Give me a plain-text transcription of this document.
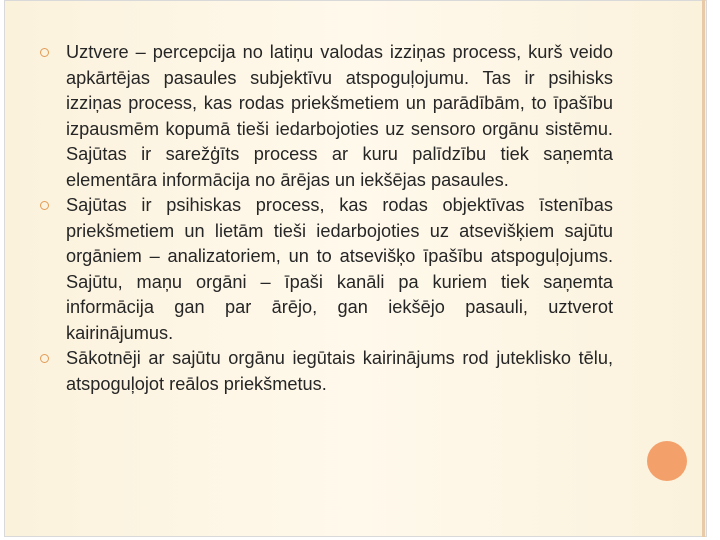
Uztvere – percepcija no latiņu valodas izziņas process, kurš veido apkārtējas pasaules subjektīvu atspoguļojumu. Tas ir psihisks izziņas process, kas rodas priekšmetiem un parādībām, to īpašību izpausmēm kopumā tieši iedarbojoties uz sensoro orgānu sistēmu. Sajūtas ir sarežģīts process ar kuru palīdzību tiek saņemta elementāra informācija no ārējas un iekšējas pasaules.
Sajūtas ir psihiskas process, kas rodas objektīvas īstenības priekšmetiem un lietām tieši iedarbojoties uz atsevišķiem sajūtu orgāniem – analizatoriem, un to atsevišķo īpašību atspoguļojums. Sajūtu, maņu orgāni – īpaši kanāli pa kuriem tiek saņemta informācija gan par ārējo, gan iekšējo pasauli, uztverot kairinājumus.
Sākotnēji ar sajūtu orgānu iegūtais kairinājums rod juteklisko tēlu, atspoguļojot reālos priekšmetus.
